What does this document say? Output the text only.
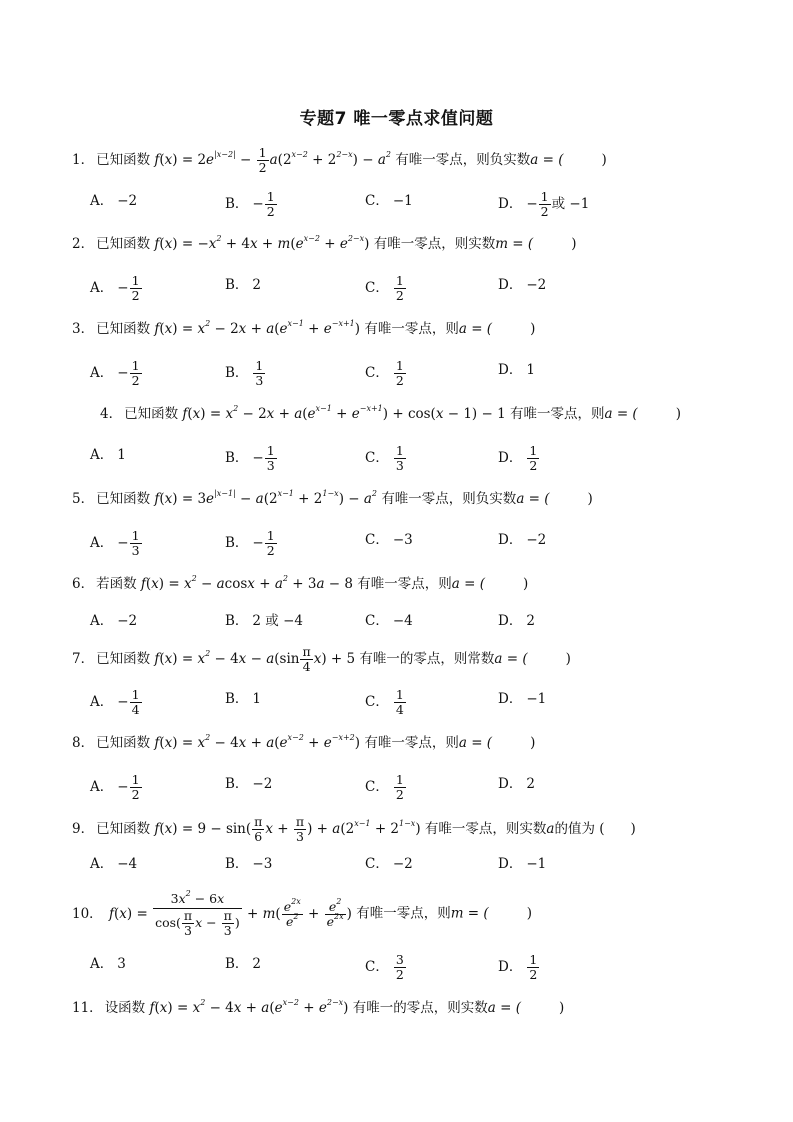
专题7 唯一零点求值问题
1． 已知函数 $f(x) = 2e^{|x-2|} - \frac{1}{2} a(2^{x-2} + 2^{2-x}) - a^2$ 有唯一零点，则负实数a = (	)
A． −2	B． − $\frac{1}{2}$	C． −1	D． − $\frac{1}{2}$ 或 −1
2． 已知函数 $f(x) = -x^2 + 4x + m(e^{x-2} + e^{2-x})$ 有唯一零点，则实数m = (	)
A． − $\frac{1}{2}$	B． 2	C． $\frac{1}{2}$	D． −2
3． 已知函数 $f(x) = x^2 - 2x + a(e^{x-1} + e^{-x+1})$ 有唯一零点，则a = (	)
A． − $\frac{1}{2}$	B． $\frac{1}{3}$	C． $\frac{1}{2}$	D． 1
4． 已知函数 $f(x) = x^2 - 2x + a(e^{x-1} + e^{-x+1}) + \cos(x - 1) - 1$ 有唯一零点，则a = (	)
A． 1	B． − $\frac{1}{3}$	C． $\frac{1}{3}$	D． $\frac{1}{2}$
5． 已知函数 $f(x) = 3e^{|x-1|} - a(2^{x-1} + 2^{1-x}) - a^2$ 有唯一零点，则负实数a = (	)
A． − $\frac{1}{3}$	B． − $\frac{1}{2}$	C． −3	D． −2
6． 若函数 $f(x) = x^2 - acosx + a^2 + 3a - 8$ 有唯一零点，则a = (	)
A． −2	B． 2 或 −4	C． −4	D． 2
7． 已知函数 $f(x) = x^2 - 4x - a(\sin \frac{\pi}{4} x) + 5$ 有唯一的零点，则常数a = (	)
A． − $\frac{1}{4}$	B． 1	C． $\frac{1}{4}$	D． −1
8． 已知函数 $f(x) = x^2 - 4x + a(e^{x-2} + e^{-x+2})$ 有唯一零点，则a = (	)
A． − $\frac{1}{2}$	B． −2	C． $\frac{1}{2}$	D． 2
9． 已知函数 $f(x) = 9 - \sin( \frac{\pi}{6}$ $x + \frac{\pi}{3}$ ) + $a(2^{x-1} + 2^{1-x})$ 有唯一零点，则实数a的值为 ( )
A． −4	B． −3	C． −2	D． −1
10． $f(x) = \frac{3x^2 - 6x}{\cos( \frac{\pi}{3} x - \frac{\pi}{3} )} + m( \frac{e^{2x}}{e^2} + \frac{e^2}{e^{2x}}$ ) 有唯一零点，则m = (	)
A． 3	B． 2	C． $\frac{3}{2}$	D． $\frac{1}{2}$
11． 设函数 $f(x) = x^2 - 4x + a(e^{x-2} + e^{2-x})$ 有唯一的零点，则实数a = (	)
